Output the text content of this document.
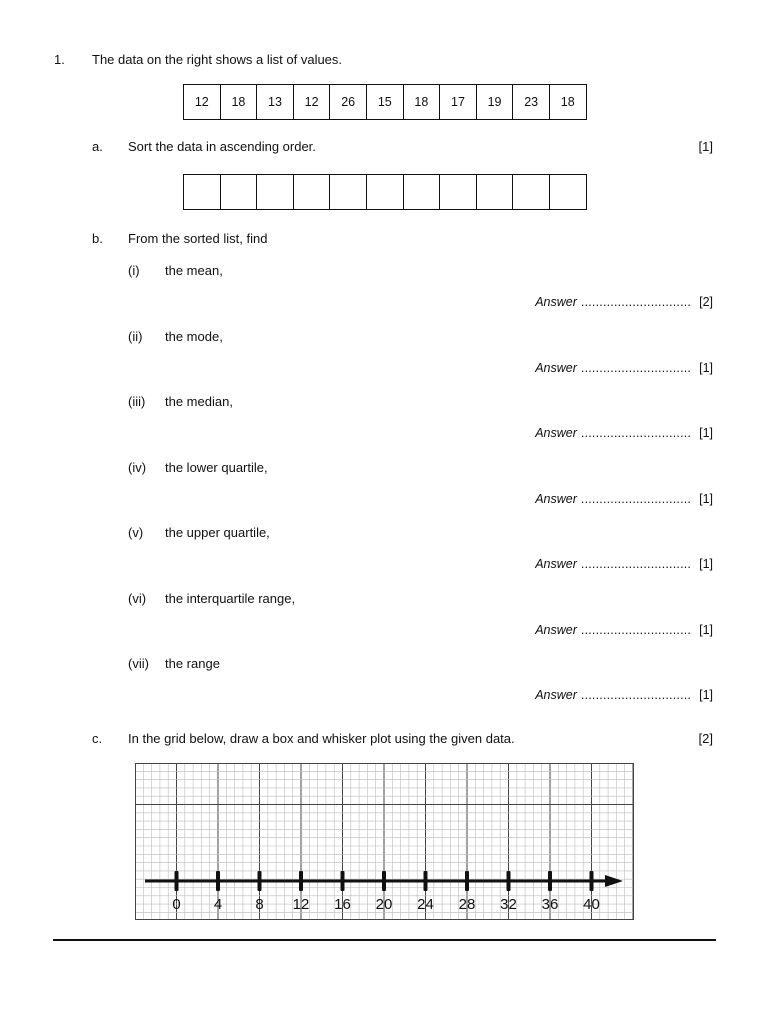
1. The data on the right shows a list of values.
12	18	13	12	26	15	18	17	19	23	18
a. Sort the data in ascending order.	[1]
b. From the sorted list, find
(i) the mean,
Answer .............................. [2]
(ii) the mode,
Answer .............................. [1]
(iii) the median,
Answer .............................. [1]
(iv) the lower quartile,
Answer .............................. [1]
(v) the upper quartile,
Answer .............................. [1]
(vi) the interquartile range,
Answer .............................. [1]
(vii) the range
Answer .............................. [1]
c. In the grid below, draw a box and whisker plot using the given data.	[2]
0 4 8 12 16 20 24 28 32 36 40
